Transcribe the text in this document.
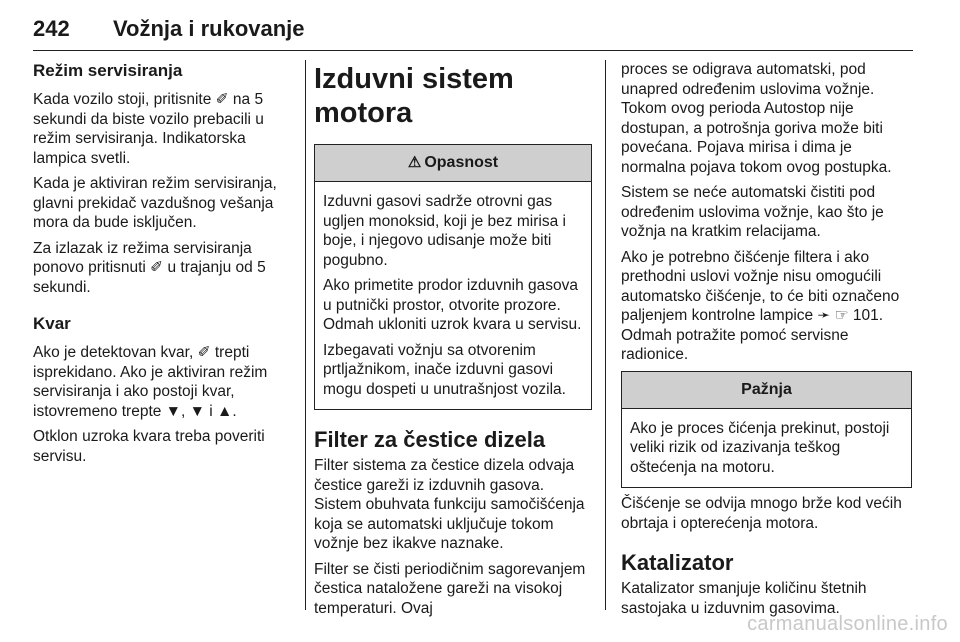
242 Vožnja i rukovanje
Režim servisiranja

Kada vozilo stoji, pritisnite ✐ na 5 sekundi da biste vozilo prebacili u režim servisiranja. Indikatorska lampica svetli.

Kada je aktiviran režim servisiranja, glavni prekidač vazdušnog vešanja mora da bude isključen.

Za izlazak iz režima servisiranja ponovo pritisnuti ✐ u trajanju od 5 sekundi.

Kvar

Ako je detektovan kvar, ✐ trepti isprekidano. Ako je aktiviran režim servisiranja i ako postoji kvar, istovremeno trepte ▼, ▼ i ▲.

Otklon uzroka kvara treba poveriti servisu.

Izduvni sistem motora
⚠ Opasnost

Izduvni gasovi sadrže otrovni gas ugljen monoksid, koji je bez mirisa i boje, i njegovo udisanje može biti pogubno.

Ako primetite prodor izduvnih gasova u putnički prostor, otvorite prozore. Odmah ukloniti uzrok kvara u servisu.

Izbegavati vožnju sa otvorenim prtljažnikom, inače izduvni gasovi mogu dospeti u unutrašnjost vozila.

Filter za čestice dizela

Filter sistema za čestice dizela odvaja čestice gareži iz izduvnih gasova. Sistem obuhvata funkciju samočišćenja koja se automatski uključuje tokom vožnje bez ikakve naznake.

Filter se čisti periodičnim sagorevanjem čestica nataložene gareži na visokoj temperaturi. Ovaj

proces se odigrava automatski, pod unapred određenim uslovima vožnje. Tokom ovog perioda Autostop nije dostupan, a potrošnja goriva može biti povećana. Pojava mirisa i dima je normalna pojava tokom ovog postupka.

Sistem se neće automatski čistiti pod određenim uslovima vožnje, kao što je vožnja na kratkim relacijama.

Ako je potrebno čišćenje filtera i ako prethodni uslovi vožnje nisu omogućili automatsko čišćenje, to će biti označeno paljenjem kontrolne lampice ➛ ☞ 101. Odmah potražite pomoć servisne radionice.

Pažnja

Ako je proces čićenja prekinut, postoji veliki rizik od izazivanja teškog oštećenja na motoru.

Čišćenje se odvija mnogo brže kod većih obrtaja i opterećenja motora.

Katalizator

Katalizator smanjuje količinu štetnih sastojaka u izduvnim gasovima.

carmanualsonline.info
